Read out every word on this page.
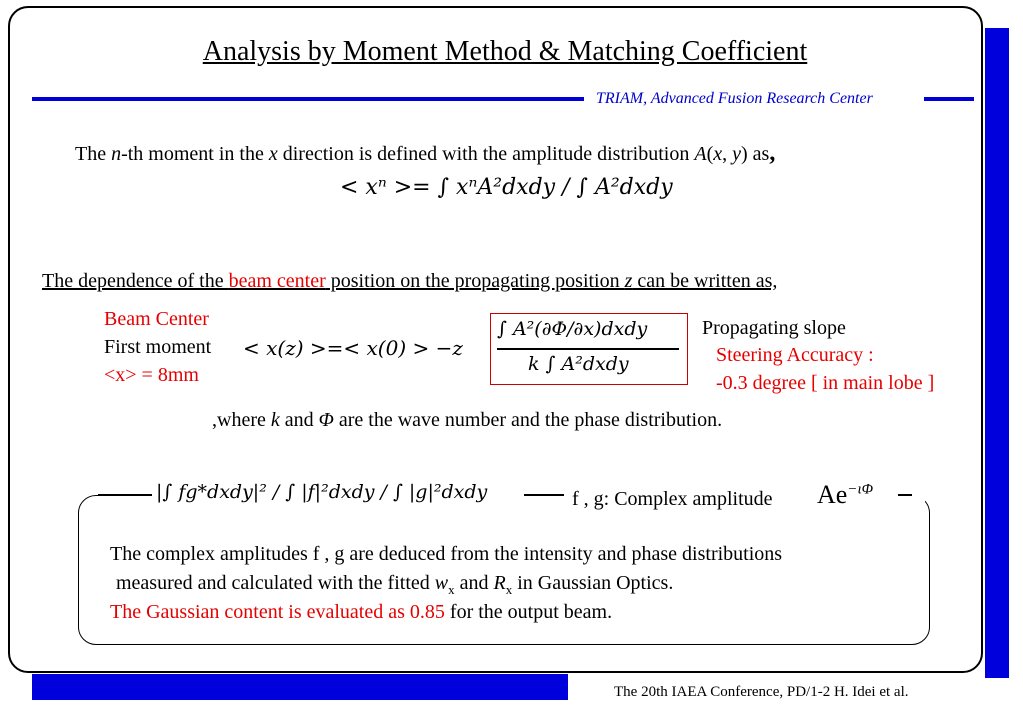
Analysis by Moment Method & Matching Coefficient
TRIAM, Advanced Fusion Research Center
The n-th moment in the x direction is defined with the amplitude distribution A(x, y) as,
< xⁿ >= ∫ xⁿA²dxdy / ∫ A²dxdy
The dependence of the beam center position on the propagating position z can be written as,
Beam Center
First moment
<x> = 8mm
< x(z) >=< x(0) > −z
∫ A²(∂Φ/∂x)dxdy
k ∫ A²dxdy
Propagating slope
Steering Accuracy :
-0.3 degree [ in main lobe ]
,where k and Φ are the wave number and the phase distribution.
|∫ fg*dxdy|² / ∫ |f|²dxdy / ∫ |g|²dxdy	f , g: Complex amplitude $Ae^{-\iota\Phi}$
The complex amplitudes f , g are deduced from the intensity and phase distributions
measured and calculated with the fitted $w_x$ and $R_x$ in Gaussian Optics.
The Gaussian content is evaluated as 0.85 for the output beam.
The 20th IAEA Conference, PD/1-2 H. Idei et al.
